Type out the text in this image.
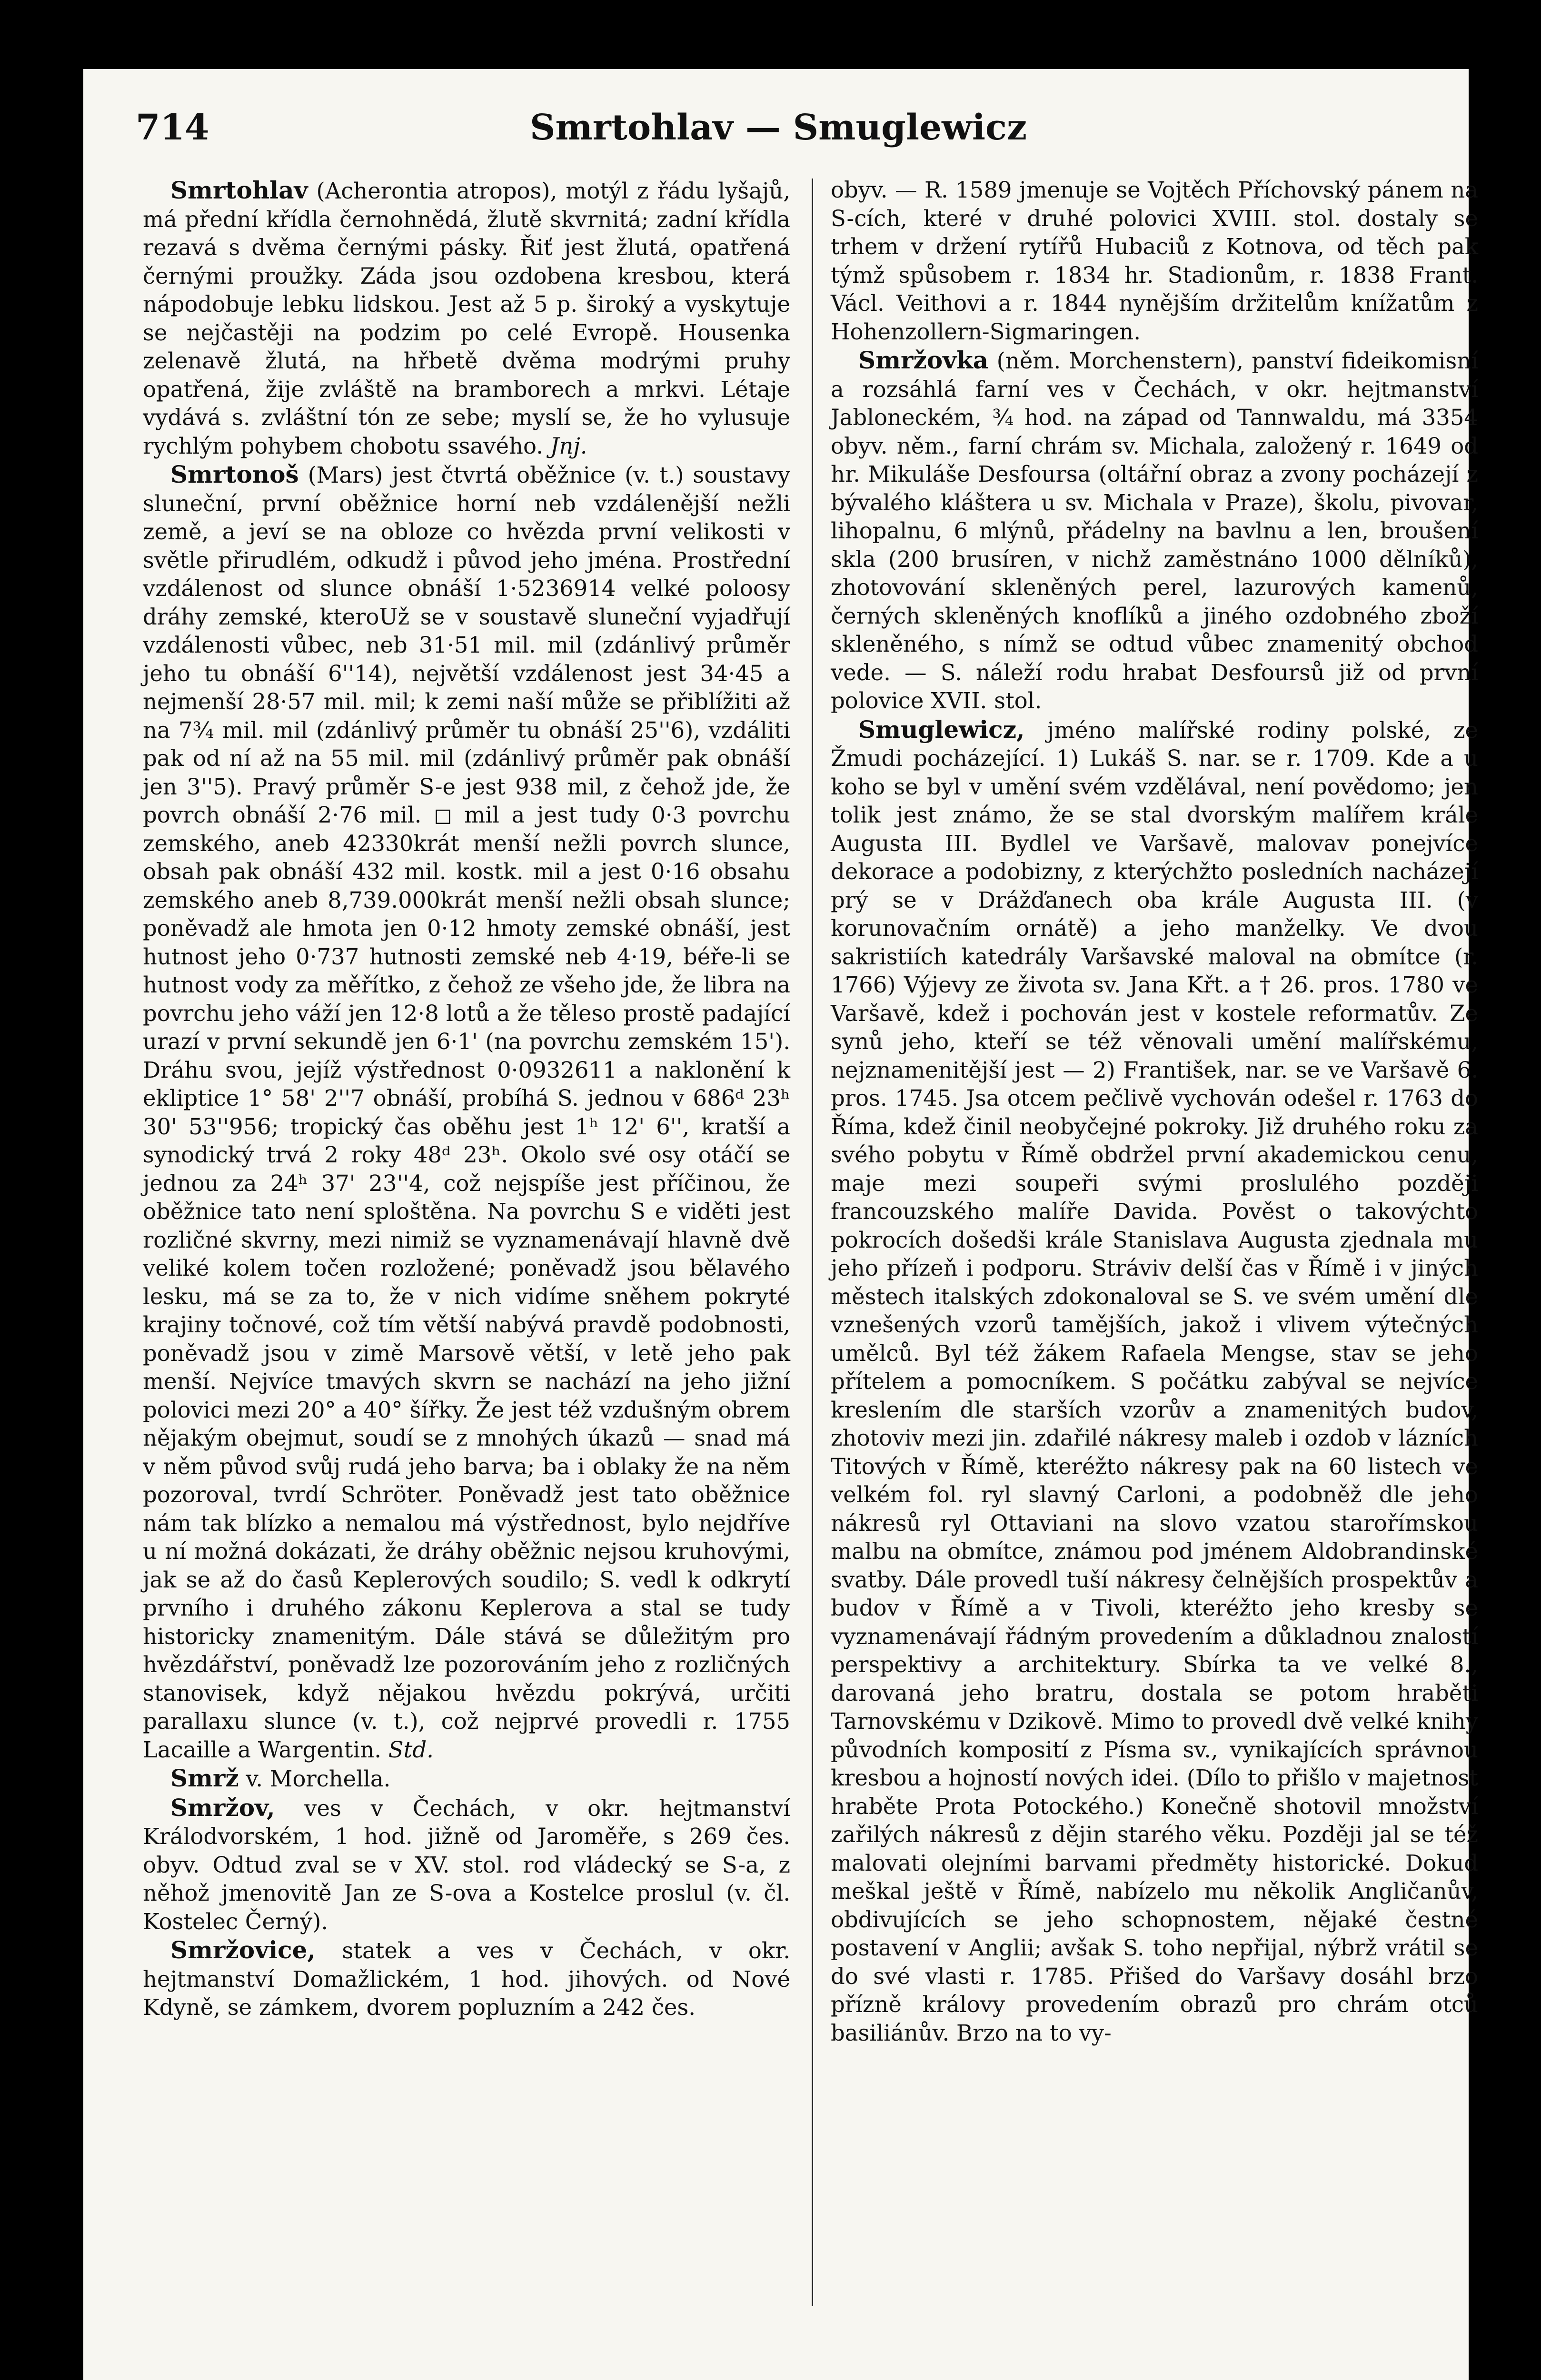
714	Smrtohlav — Smuglewicz

Smrtohlav (Acherontia atropos), motýl z řádu lyšajů, má přední křídla černohnědá, žlutě skvrnitá; zadní křídla rezavá s dvěma černými pásky. Řiť jest žlutá, opatřená černými proužky. Záda jsou ozdobena kresbou, která nápodobuje lebku lidskou. Jest až 5 p. široký a vyskytuje se nejčastěji na podzim po celé Evropě. Housenka zelenavě žlutá, na hřbetě dvěma modrými pruhy opatřená, žije zvláště na bramborech a mrkvi. Létaje vydává s. zvláštní tón ze sebe; myslí se, že ho vylusuje rychlým pohybem chobotu ssavého. Jnj.

Smrtonoš (Mars) jest čtvrtá oběžnice (v. t.) soustavy sluneční, první oběžnice horní neb vzdálenější nežli země, a jeví se na obloze co hvězda první velikosti v světle přirudlém, odkudž i původ jeho jména. Prostřední vzdálenost od slunce obnáší 1·5236914 velké poloosy dráhy zemské, kteroUž se v soustavě sluneční vyjadřují vzdálenosti vůbec, neb 31·51 mil. mil (zdánlivý průměr jeho tu obnáší 6''14), největší vzdálenost jest 34·45 a nejmenší 28·57 mil. mil; k zemi naší může se přiblížiti až na 7¾ mil. mil (zdánlivý průměr tu obnáší 25''6), vzdáliti pak od ní až na 55 mil. mil (zdánlivý průměr pak obnáší jen 3''5). Pravý průměr S-e jest 938 mil, z čehož jde, že povrch obnáší 2·76 mil. ◻ mil a jest tudy 0·3 povrchu zemského, aneb 42330krát menší nežli povrch slunce, obsah pak obnáší 432 mil. kostk. mil a jest 0·16 obsahu zemského aneb 8,739.000krát menší nežli obsah slunce; poněvadž ale hmota jen 0·12 hmoty zemské obnáší, jest hutnost jeho 0·737 hutnosti zemské neb 4·19, béře-li se hutnost vody za měřítko, z čehož ze všeho jde, že libra na povrchu jeho váží jen 12·8 lotů a že těleso prostě padající urazí v první sekundě jen 6·1' (na povrchu zemském 15'). Dráhu svou, jejíž výstřednost 0·0932611 a naklonění k ekliptice 1° 58' 2''7 obnáší, probíhá S. jednou v 686ᵈ 23ʰ 30' 53''956; tropický čas oběhu jest 1ʰ 12' 6'', kratší a synodický trvá 2 roky 48ᵈ 23ʰ. Okolo své osy otáčí se jednou za 24ʰ 37' 23''4, což nejspíše jest příčinou, že oběžnice tato není sploštěna. Na povrchu S e viděti jest rozličné skvrny, mezi nimiž se vyznamenávají hlavně dvě veliké kolem točen rozložené; poněvadž jsou bělavého lesku, má se za to, že v nich vidíme sněhem pokryté krajiny točnové, což tím větší nabývá pravdě podobnosti, poněvadž jsou v zimě Marsově větší, v letě jeho pak menší. Nejvíce tmavých skvrn se nachází na jeho jižní polovici mezi 20° a 40° šířky. Že jest též vzdušným obrem nějakým obejmut, soudí se z mnohých úkazů — snad má v něm původ svůj rudá jeho barva; ba i oblaky že na něm pozoroval, tvrdí Schröter. Poněvadž jest tato oběžnice nám tak blízko a nemalou má výstřednost, bylo nejdříve u ní možná dokázati, že dráhy oběžnic nejsou kruhovými, jak se až do časů Keplerových soudilo; S. vedl k odkrytí prvního i druhého zákonu Keplerova a stal se tudy historicky znamenitým. Dále stává se důležitým pro hvězdářství, poněvadž lze pozorováním jeho z rozličných stanovisek, když nějakou hvězdu pokrývá, určiti parallaxu slunce (v. t.), což nejprvé provedli r. 1755 Lacaille a Wargentin. Std.

Smrž v. Morchella.

Smržov, ves v Čechách, v okr. hejtmanství Králodvorském, 1 hod. jižně od Jaroměře, s 269 čes. obyv. Odtud zval se v XV. stol. rod vládecký se S-a, z něhož jmenovitě Jan ze S-ova a Kostelce proslul (v. čl. Kostelec Černý).

Smržovice, statek a ves v Čechách, v okr. hejtmanství Domažlickém, 1 hod. jihových. od Nové Kdyně, se zámkem, dvorem popluzním a 242 čes.

obyv. — R. 1589 jmenuje se Vojtěch Příchovský pánem na S-cích, které v druhé polovici XVIII. stol. dostaly se trhem v držení rytířů Hubaciů z Kotnova, od těch pak týmž spůsobem r. 1834 hr. Stadionům, r. 1838 Frant. Václ. Veithovi a r. 1844 nynějším držitelům knížatům z Hohenzollern-Sigmaringen.

Smržovka (něm. Morchenstern), panství fideikomisní a rozsáhlá farní ves v Čechách, v okr. hejtmanství Jabloneckém, ¾ hod. na západ od Tannwaldu, má 3354 obyv. něm., farní chrám sv. Michala, založený r. 1649 od hr. Mikuláše Desfoursa (oltářní obraz a zvony pocházejí z bývalého kláštera u sv. Michala v Praze), školu, pivovar, lihopalnu, 6 mlýnů, přádelny na bavlnu a len, broušení skla (200 brusíren, v nichž zaměstnáno 1000 dělníků), zhotovování skleněných perel, lazurových kamenů, černých skleněných knoflíků a jiného ozdobného zboží skleněného, s nímž se odtud vůbec znamenitý obchod vede. — S. náleží rodu hrabat Desfoursů již od první polovice XVII. stol.

Smuglewicz, jméno malířské rodiny polské, ze Žmudi pocházející. 1) Lukáš S. nar. se r. 1709. Kde a u koho se byl v umění svém vzdělával, není povědomo; jen tolik jest známo, že se stal dvorským malířem krále Augusta III. Bydlel ve Varšavě, malovav ponejvíce dekorace a podobizny, z kterýchžto posledních nacházejí prý se v Drážďanech oba krále Augusta III. (v korunovačním ornátě) a jeho manželky. Ve dvou sakristiích katedrály Varšavské maloval na obmítce (r. 1766) Výjevy ze života sv. Jana Křt. a † 26. pros. 1780 ve Varšavě, kdež i pochován jest v kostele reformatův. Ze synů jeho, kteří se též věnovali umění malířskému, nejznamenitější jest — 2) František, nar. se ve Varšavě 6. pros. 1745. Jsa otcem pečlivě vychován odešel r. 1763 do Říma, kdež činil neobyčejné pokroky. Již druhého roku za svého pobytu v Římě obdržel první akademickou cenu, maje mezi soupeři svými proslulého později francouzského malíře Davida. Pověst o takovýchto pokrocích došedši krále Stanislava Augusta zjednala mu jeho přízeň i podporu. Stráviv delší čas v Římě i v jiných městech italských zdokonaloval se S. ve svém umění dle vznešených vzorů tamějších, jakož i vlivem výtečných umělců. Byl též žákem Rafaela Mengse, stav se jeho přítelem a pomocníkem. S počátku zabýval se nejvíce kreslením dle starších vzorův a znamenitých budov, zhotoviv mezi jin. zdařilé nákresy maleb i ozdob v lázních Titových v Římě, kteréžto nákresy pak na 60 listech ve velkém fol. ryl slavný Carloni, a podobněž dle jeho nákresů ryl Ottaviani na slovo vzatou starořímskou malbu na obmítce, známou pod jménem Aldobrandinské svatby. Dále provedl tuší nákresy čelnějších prospektův a budov v Římě a v Tivoli, kteréžto jeho kresby se vyznamenávají řádným provedením a důkladnou znalostí perspektivy a architektury. Sbírka ta ve velké 8., darovaná jeho bratru, dostala se potom hraběti Tarnovskému v Dzikově. Mimo to provedl dvě velké knihy původních komposití z Písma sv., vynikajících správnou kresbou a hojností nových idei. (Dílo to přišlo v majetnost hraběte Prota Potockého.) Konečně shotovil množství zařilých nákresů z dějin starého věku. Později jal se též malovati olejními barvami předměty historické. Dokud meškal ještě v Římě, nabízelo mu několik Angličanův, obdivujících se jeho schopnostem, nějaké čestné postavení v Anglii; avšak S. toho nepřijal, nýbrž vrátil se do své vlasti r. 1785. Přišed do Varšavy dosáhl brzo přízně královy provedením obrazů pro chrám otců basiliánův. Brzo na to vy-
